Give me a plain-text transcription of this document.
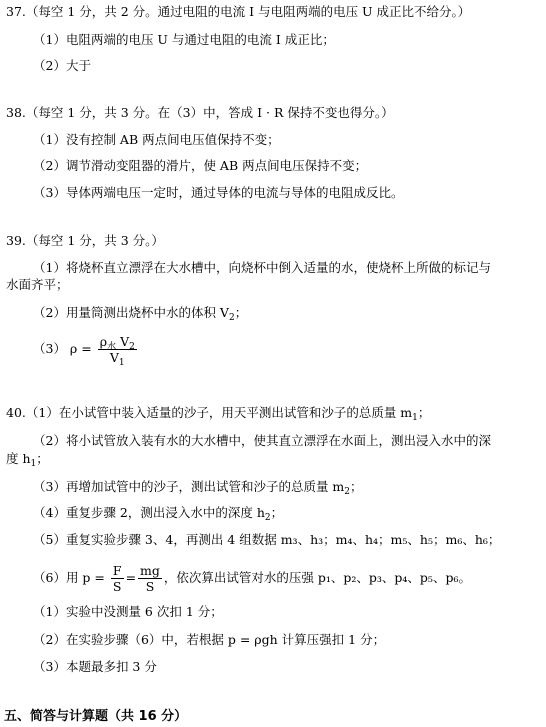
37.（每空 1 分，共 2 分。通过电阻的电流 I 与电阻两端的电压 U 成正比不给分。）
（1）电阻两端的电压 U 与通过电阻的电流 I 成正比；
（2）大于
38.（每空 1 分，共 3 分。在（3）中，答成 I · R 保持不变也得分。）
（1）没有控制 AB 两点间电压值保持不变；
（2）调节滑动变阻器的滑片，使 AB 两点间电压保持不变；
（3）导体两端电压一定时，通过导体的电流与导体的电阻成反比。
39.（每空 1 分，共 3 分。）
（1）将烧杯直立漂浮在大水槽中，向烧杯中倒入适量的水，使烧杯上所做的标记与
水面齐平；
（2）用量筒测出烧杯中水的体积 $V_2$；
（3） $\rho = \frac{\rho_水 V_2}{V_1}$
40.（1）在小试管中装入适量的沙子，用天平测出试管和沙子的总质量 $m_1$；
（2）将小试管放入装有水的大水槽中，使其直立漂浮在水面上，测出浸入水中的深
度 $h_1$；
（3）再增加试管中的沙子，测出试管和沙子的总质量 $m_2$；
（4）重复步骤 2，测出浸入水中的深度 $h_2$；
（5）重复实验步骤 3、4，再测出 4 组数据 m₃、h₃；m₄、h₄；m₅、h₅；m₆、h₆；
（6）用 $p = \frac{F}{S} = \frac{mg}{S}$ ，依次算出试管对水的压强 p₁、p₂、p₃、p₄、p₅、p₆。
（1）实验中没测量 6 次扣 1 分；
（2）在实验步骤（6）中，若根据 p = ρgh 计算压强扣 1 分；
（3）本题最多扣 3 分
五、简答与计算题（共 16 分）
